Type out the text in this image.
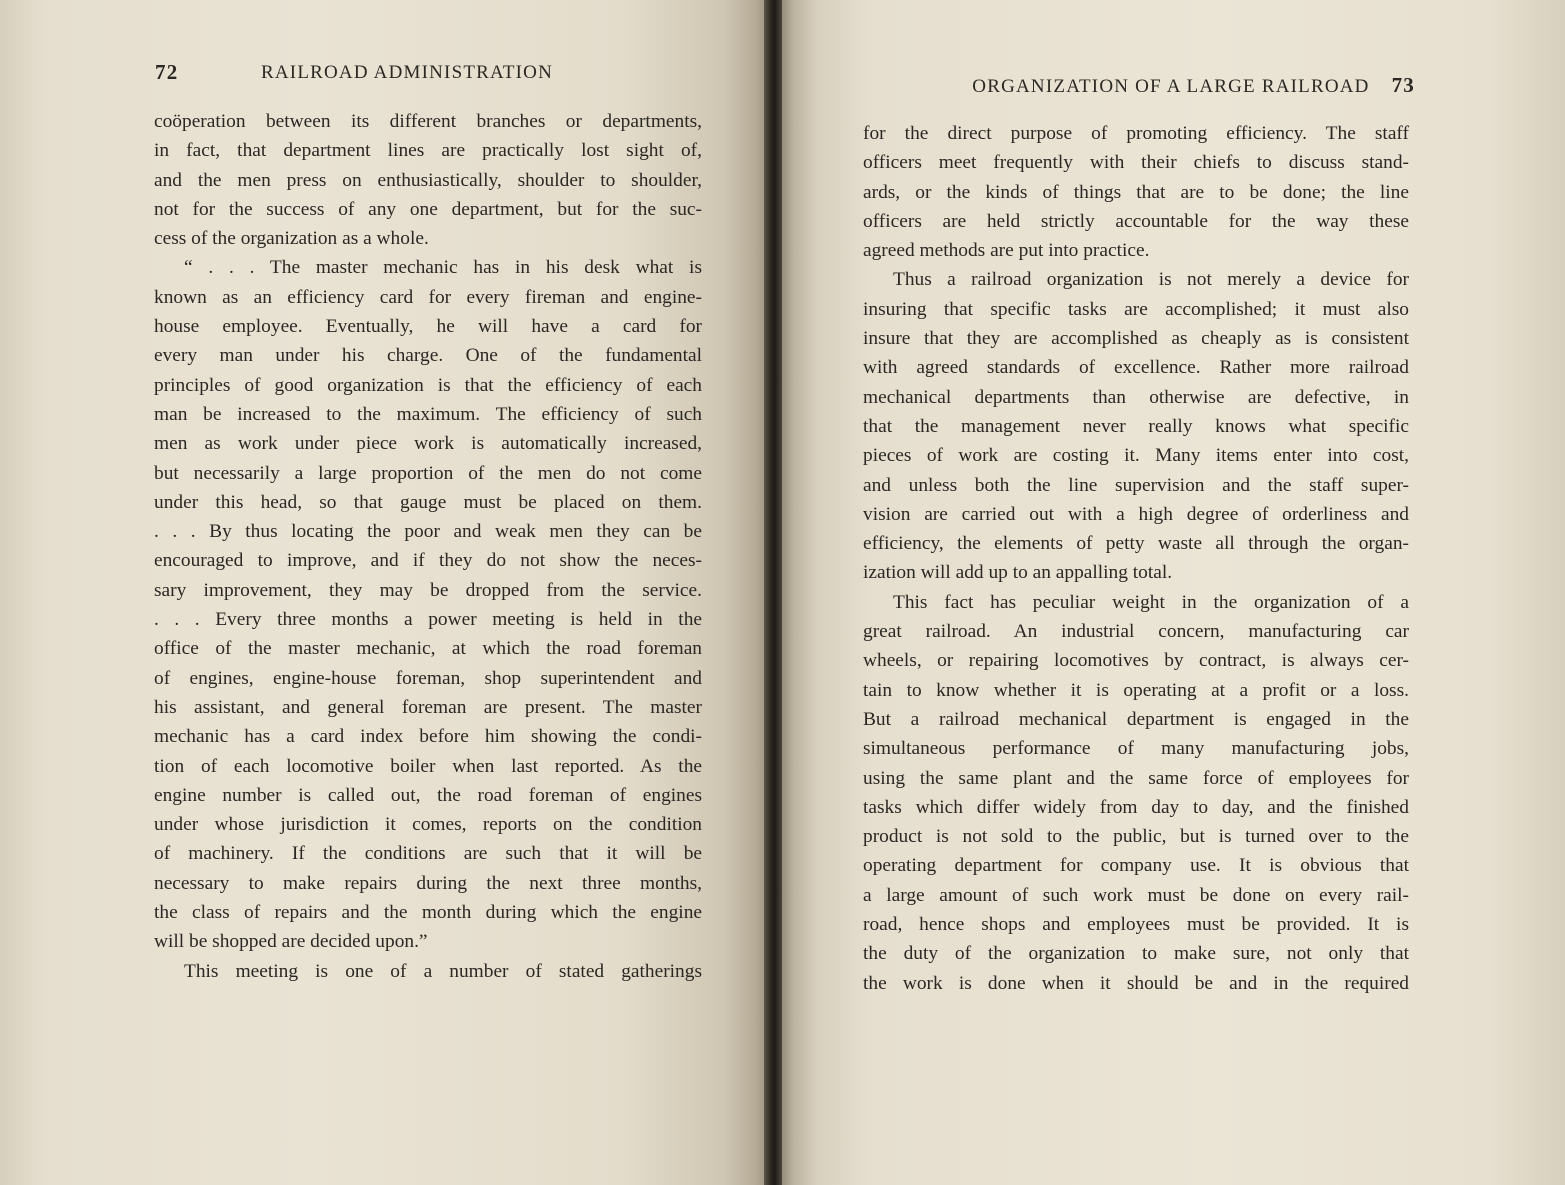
72	RAILROAD ADMINISTRATION
coöperation between its different branches or departments,
in fact, that department lines are practically lost sight of,
and the men press on enthusiastically, shoulder to shoulder,
not for the success of any one department, but for the suc-
cess of the organization as a whole.
“ . . . The master mechanic has in his desk what is
known as an efficiency card for every fireman and engine-
house employee. Eventually, he will have a card for
every man under his charge. One of the fundamental
principles of good organization is that the efficiency of each
man be increased to the maximum. The efficiency of such
men as work under piece work is automatically increased,
but necessarily a large proportion of the men do not come
under this head, so that gauge must be placed on them.
. . . By thus locating the poor and weak men they can be
encouraged to improve, and if they do not show the neces-
sary improvement, they may be dropped from the service.
. . . Every three months a power meeting is held in the
office of the master mechanic, at which the road foreman
of engines, engine-house foreman, shop superintendent and
his assistant, and general foreman are present. The master
mechanic has a card index before him showing the condi-
tion of each locomotive boiler when last reported. As the
engine number is called out, the road foreman of engines
under whose jurisdiction it comes, reports on the condition
of machinery. If the conditions are such that it will be
necessary to make repairs during the next three months,
the class of repairs and the month during which the engine
will be shopped are decided upon.”
This meeting is one of a number of stated gatherings
ORGANIZATION OF A LARGE RAILROAD 73
for the direct purpose of promoting efficiency. The staff
officers meet frequently with their chiefs to discuss stand-
ards, or the kinds of things that are to be done; the line
officers are held strictly accountable for the way these
agreed methods are put into practice.
Thus a railroad organization is not merely a device for
insuring that specific tasks are accomplished; it must also
insure that they are accomplished as cheaply as is consistent
with agreed standards of excellence. Rather more railroad
mechanical departments than otherwise are defective, in
that the management never really knows what specific
pieces of work are costing it. Many items enter into cost,
and unless both the line supervision and the staff super-
vision are carried out with a high degree of orderliness and
efficiency, the elements of petty waste all through the organ-
ization will add up to an appalling total.
This fact has peculiar weight in the organization of a
great railroad. An industrial concern, manufacturing car
wheels, or repairing locomotives by contract, is always cer-
tain to know whether it is operating at a profit or a loss.
But a railroad mechanical department is engaged in the
simultaneous performance of many manufacturing jobs,
using the same plant and the same force of employees for
tasks which differ widely from day to day, and the finished
product is not sold to the public, but is turned over to the
operating department for company use. It is obvious that
a large amount of such work must be done on every rail-
road, hence shops and employees must be provided. It is
the duty of the organization to make sure, not only that
the work is done when it should be and in the required
